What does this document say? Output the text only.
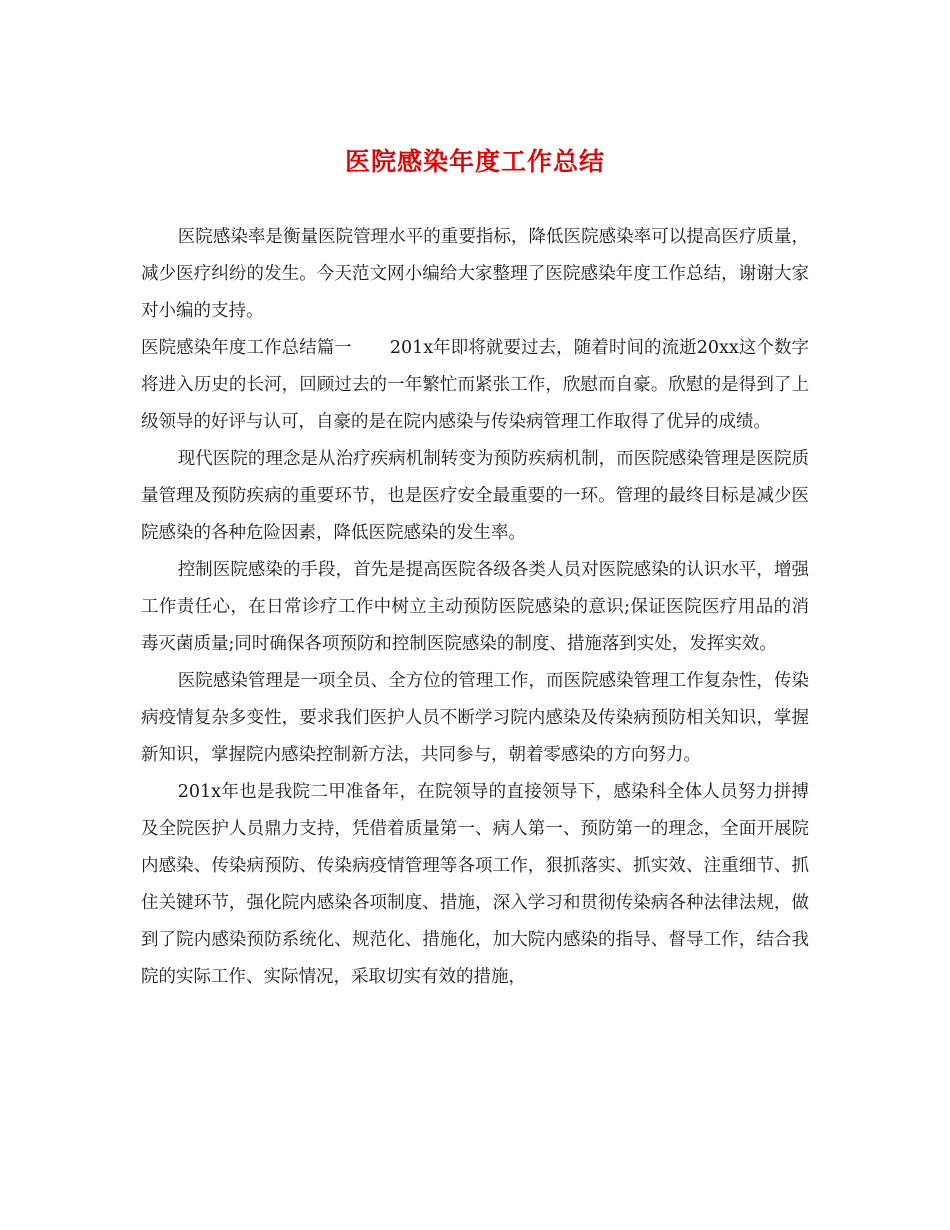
医院感染年度工作总结

医院感染率是衡量医院管理水平的重要指标，降低医院感染率可以提高医疗质量，减少医疗纠纷的发生。今天范文网小编给大家整理了医院感染年度工作总结，谢谢大家对小编的支持。

医院感染年度工作总结篇一 201x年即将就要过去，随着时间的流逝20xx这个数字将进入历史的长河，回顾过去的一年繁忙而紧张工作，欣慰而自豪。欣慰的是得到了上级领导的好评与认可，自豪的是在院内感染与传染病管理工作取得了优异的成绩。

现代医院的理念是从治疗疾病机制转变为预防疾病机制，而医院感染管理是医院质量管理及预防疾病的重要环节，也是医疗安全最重要的一环。管理的最终目标是减少医院感染的各种危险因素，降低医院感染的发生率。

控制医院感染的手段，首先是提高医院各级各类人员对医院感染的认识水平，增强工作责任心，在日常诊疗工作中树立主动预防医院感染的意识;保证医院医疗用品的消毒灭菌质量;同时确保各项预防和控制医院感染的制度、措施落到实处，发挥实效。

医院感染管理是一项全员、全方位的管理工作，而医院感染管理工作复杂性，传染病疫情复杂多变性，要求我们医护人员不断学习院内感染及传染病预防相关知识，掌握新知识，掌握院内感染控制新方法，共同参与，朝着零感染的方向努力。

201x年也是我院二甲准备年，在院领导的直接领导下，感染科全体人员努力拼搏及全院医护人员鼎力支持，凭借着质量第一、病人第一、预防第一的理念，全面开展院内感染、传染病预防、传染病疫情管理等各项工作，狠抓落实、抓实效、注重细节、抓住关键环节，强化院内感染各项制度、措施，深入学习和贯彻传染病各种法律法规，做到了院内感染预防系统化、规范化、措施化，加大院内感染的指导、督导工作，结合我院的实际工作、实际情况，采取切实有效的措施，
